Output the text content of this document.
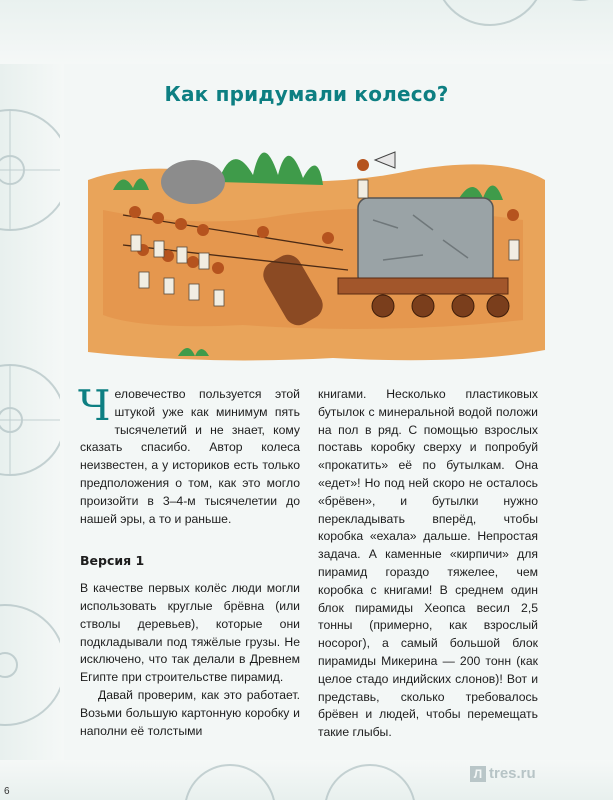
Как придумали колесо?

Человечество пользуется этой штукой уже как минимум пять тысячелетий и не знает, кому сказать спасибо. Автор колеса неизвестен, а у историков есть только предположения о том, как это могло произойти в 3–4-м тысячелетии до нашей эры, а то и раньше.

Версия 1

В качестве первых колёс люди могли использовать круглые брёвна (или стволы деревьев), которые они подкладывали под тяжёлые грузы. Не исключено, что так делали в Древнем Египте при строительстве пирамид.

Давай проверим, как это работает. Возьми большую картонную коробку и наполни её толстыми

книгами. Несколько пластиковых бутылок с минеральной водой положи на пол в ряд. С помощью взрослых поставь коробку сверху и попробуй «прокатить» её по бутылкам. Она «едет»! Но под ней скоро не осталось «брёвен», и бутылки нужно перекладывать вперёд, чтобы коробка «ехала» дальше. Непростая задача. А каменные «кирпичи» для пирамид гораздо тяжелее, чем коробка с книгами! В среднем один блок пирамиды Хеопса весил 2,5 тонны (примерно, как взрослый носорог), а самый большой блок пирамиды Микерина — 200 тонн (как целое стадо индийских слонов)! Вот и представь, сколько требовалось брёвен и людей, чтобы перемещать такие глыбы.

6
Л tres.ru
